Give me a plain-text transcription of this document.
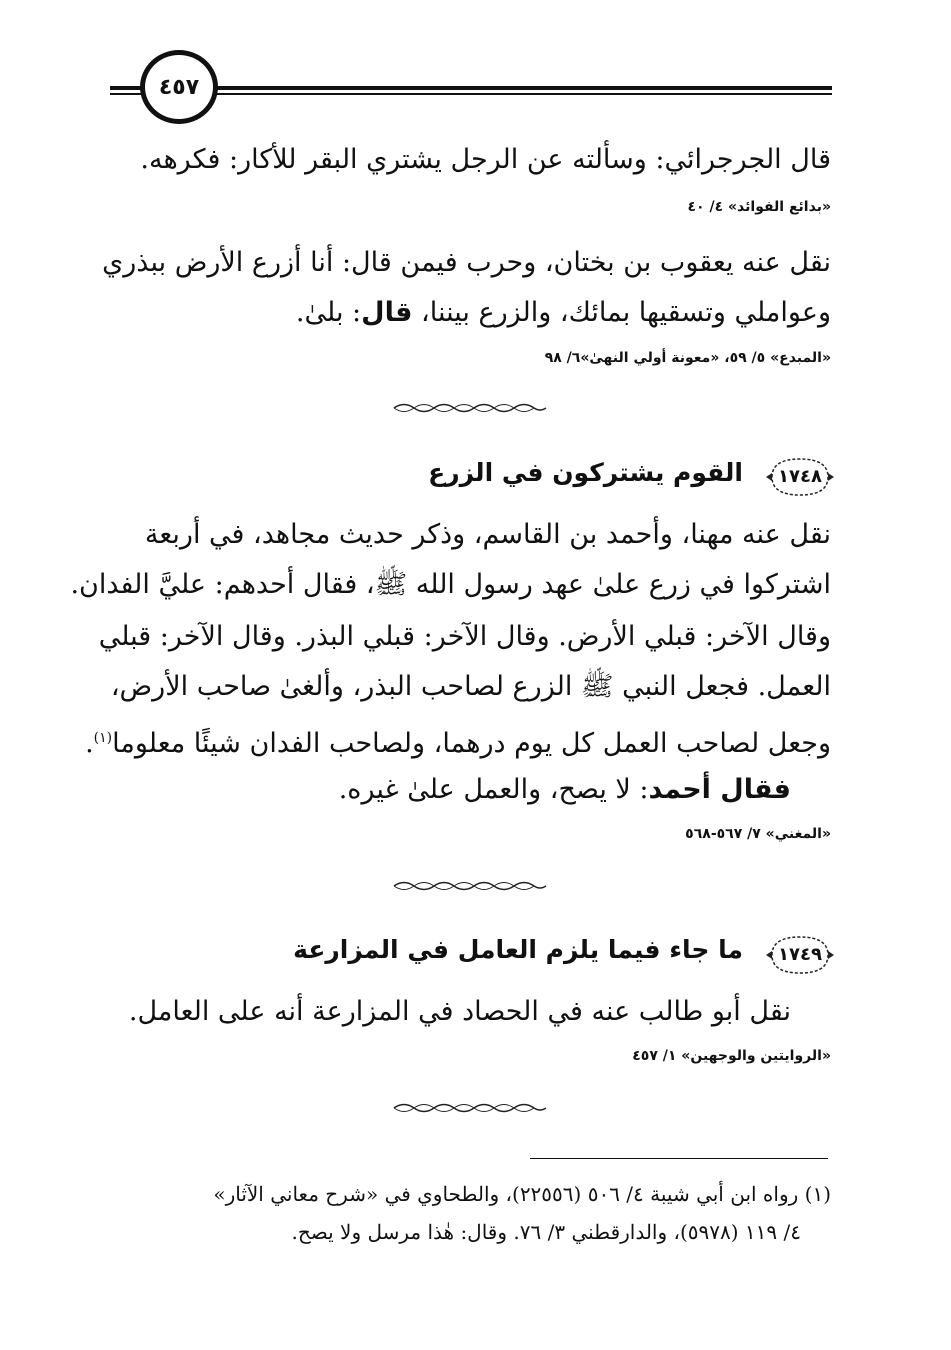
٤٥٧
قال الجرجرائي: وسألته عن الرجل يشتري البقر للأكار: فكرهه.
«بدائع الفوائد» ٤/ ٤٠
نقل عنه يعقوب بن بختان، وحرب فيمن قال: أنا أزرع الأرض ببذري
وعواملي وتسقيها بمائك، والزرع بيننا، قال: بلىٰ.
«المبدع» ٥/ ٥٩، «معونة أولي النهىٰ»٦/ ٩٨
١٧٤٨
القوم يشتركون في الزرع
نقل عنه مهنا، وأحمد بن القاسم، وذكر حديث مجاهد، في أربعة
اشتركوا في زرع علىٰ عهد رسول الله ﷺ، فقال أحدهم: عليَّ الفدان.
وقال الآخر: قبلي الأرض. وقال الآخر: قبلي البذر. وقال الآخر: قبلي
العمل. فجعل النبي ﷺ الزرع لصاحب البذر، وألغىٰ صاحب الأرض،
وجعل لصاحب العمل كل يوم درهما، ولصاحب الفدان شيئًا معلوما$^{(١)}$.
فقال أحمد: لا يصح، والعمل علىٰ غيره.
«المغني» ٧/ ٥٦٧-٥٦٨
١٧٤٩
ما جاء فيما يلزم العامل في المزارعة
نقل أبو طالب عنه في الحصاد في المزارعة أنه على العامل.
«الروايتين والوجهين» ١/ ٤٥٧
(١) رواه ابن أبي شيبة ٤/ ٥٠٦ (٢٢٥٥٦)، والطحاوي في «شرح معاني الآثار»
٤/ ١١٩ (٥٩٧٨)، والدارقطني ٣/ ٧٦. وقال: هٰذا مرسل ولا يصح.
